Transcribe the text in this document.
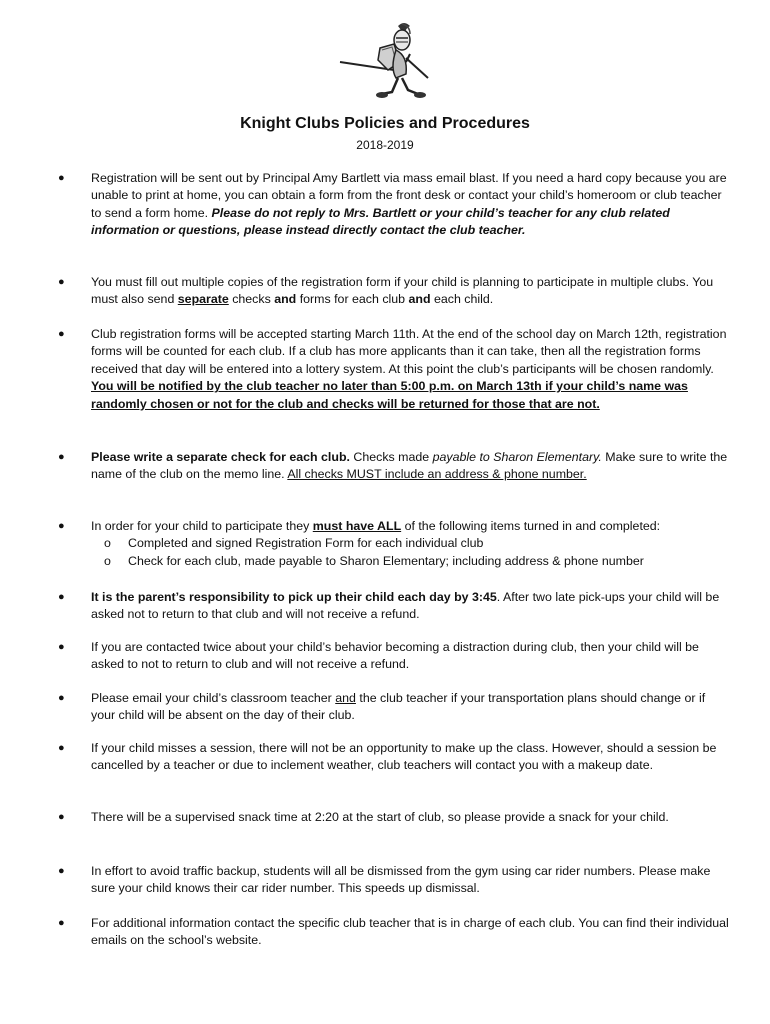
Knight Clubs Policies and Procedures

2018-2019

●	Registration will be sent out by Principal Amy Bartlett via mass email blast. If you need a hard copy because you are unable to print at home, you can obtain a form from the front desk or contact your child’s homeroom or club teacher to send a form home. Please do not reply to Mrs. Bartlett or your child’s teacher for any club related information or questions, please instead directly contact the club teacher.
●	You must fill out multiple copies of the registration form if your child is planning to participate in multiple clubs. You must also send separate checks and forms for each club and each child.
●	Club registration forms will be accepted starting March 11th. At the end of the school day on March 12th, registration forms will be counted for each club. If a club has more applicants than it can take, then all the registration forms received that day will be entered into a lottery system. At this point the club’s participants will be chosen randomly. You will be notified by the club teacher no later than 5:00 p.m. on March 13th if your child’s name was randomly chosen or not for the club and checks will be returned for those that are not.
●	Please write a separate check for each club. Checks made payable to Sharon Elementary. Make sure to write the name of the club on the memo line. All checks MUST include an address & phone number.
●	In order for your child to participate they must have ALL of the following items turned in and completed:
o Completed and signed Registration Form for each individual club
o Check for each club, made payable to Sharon Elementary; including address & phone number
●	It is the parent’s responsibility to pick up their child each day by 3:45. After two late pick-ups your child will be asked not to return to that club and will not receive a refund.
●	If you are contacted twice about your child’s behavior becoming a distraction during club, then your child will be asked to not to return to club and will not receive a refund.
●	Please email your child’s classroom teacher and the club teacher if your transportation plans should change or if your child will be absent on the day of their club.
●	If your child misses a session, there will not be an opportunity to make up the class. However, should a session be cancelled by a teacher or due to inclement weather, club teachers will contact you with a makeup date.
●	There will be a supervised snack time at 2:20 at the start of club, so please provide a snack for your child.
●	In effort to avoid traffic backup, students will all be dismissed from the gym using car rider numbers. Please make sure your child knows their car rider number. This speeds up dismissal.
●	For additional information contact the specific club teacher that is in charge of each club. You can find their individual emails on the school’s website.
